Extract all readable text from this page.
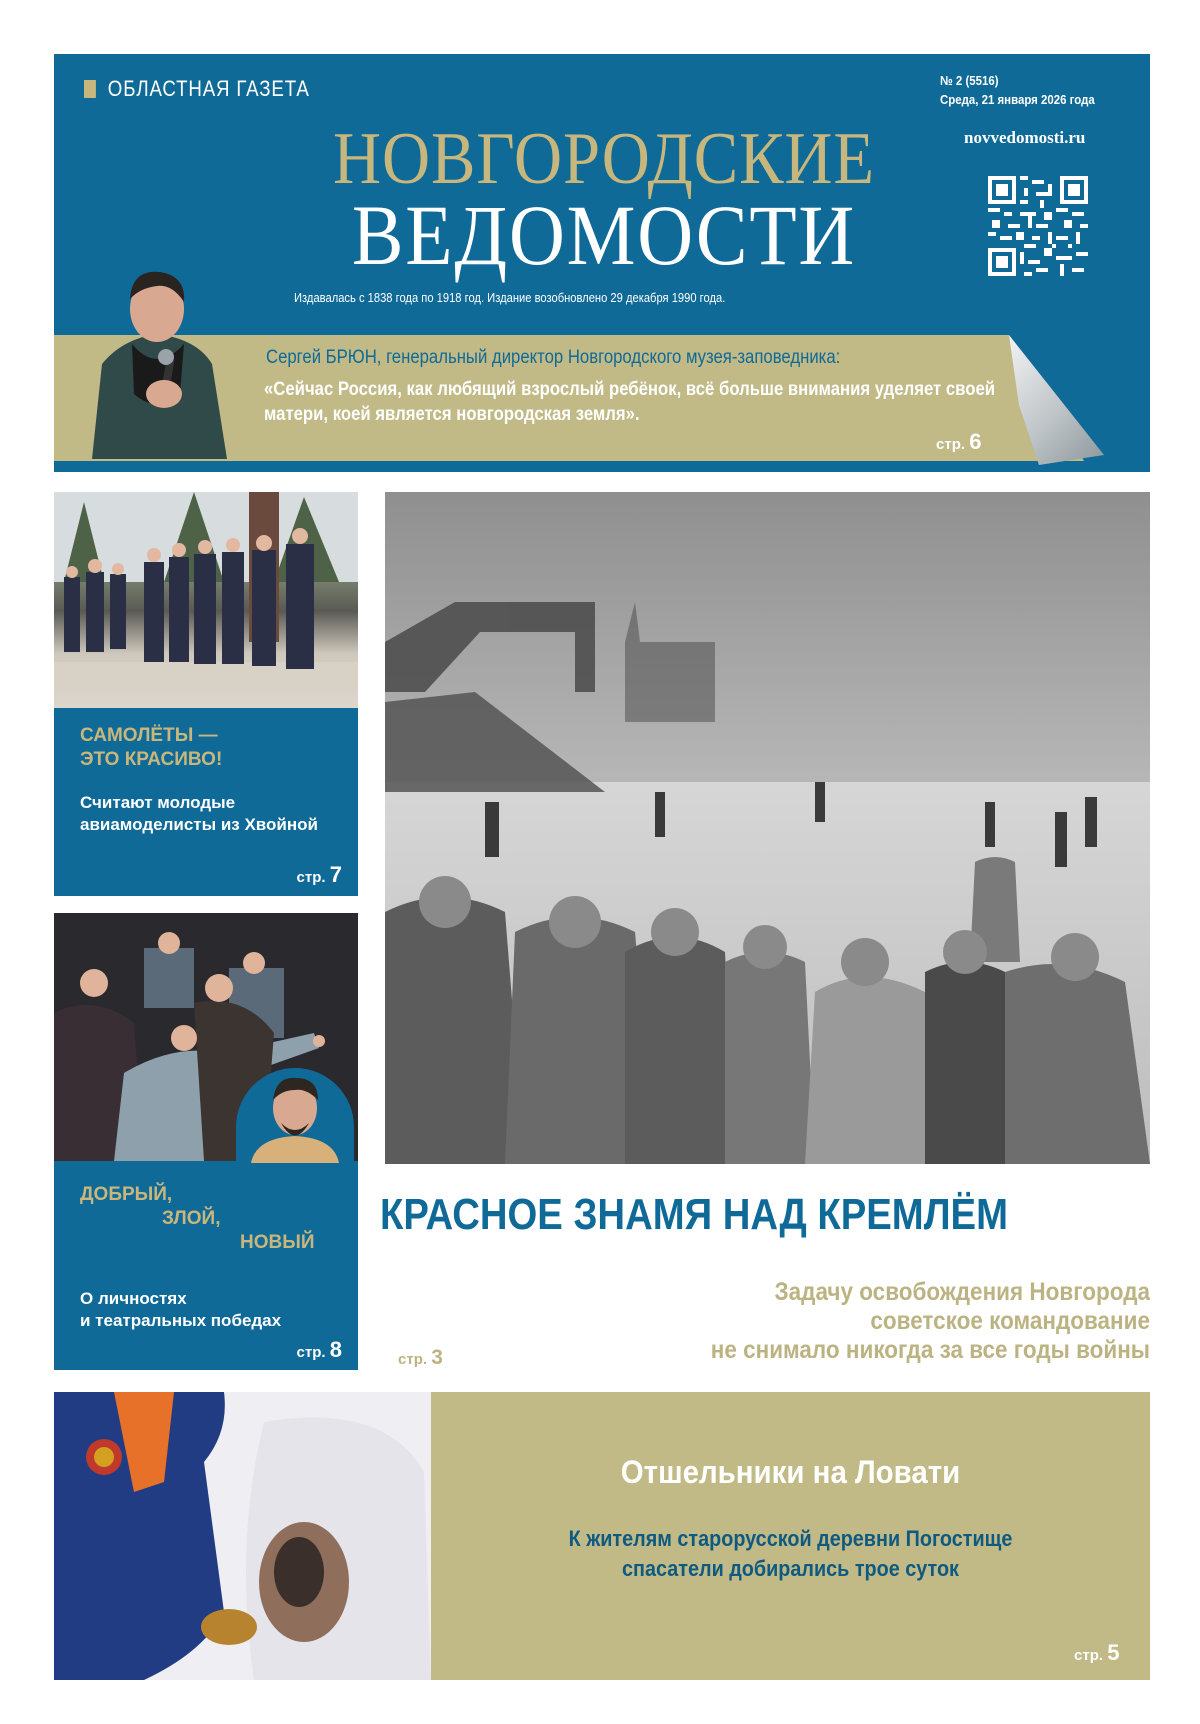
ОБЛАСТНАЯ ГАЗЕТА	№ 2 (5516)
Среда, 21 января 2026 года
novvedomosti.ru
НОВГОРОДСКИЕ
ВЕДОМОСТИ
Издавалась с 1838 года по 1918 год. Издание возобновлено 29 декабря 1990 года.
Сергей БРЮН, генеральный директор Новгородского музея-заповедника:
«Сейчас Россия, как любящий взрослый ребёнок, всё больше внимания уделяет своей матери, коей является новгородская земля».
стр. 6
САМОЛЁТЫ —
ЭТО КРАСИВО!
Считают молодые
авиамоделисты из Хвойной
стр. 7
ДОБРЫЙ,
ЗЛОЙ,
НОВЫЙ
О личностях
и театральных победах
стр. 8
КРАСНОЕ ЗНАМЯ НАД КРЕМЛЁМ
Задачу освобождения Новгорода
советское командование
не снимало никогда за все годы войны
стр. 3
Отшельники на Ловати
К жителям старорусской деревни Погостище
спасатели добирались трое суток
стр. 5
